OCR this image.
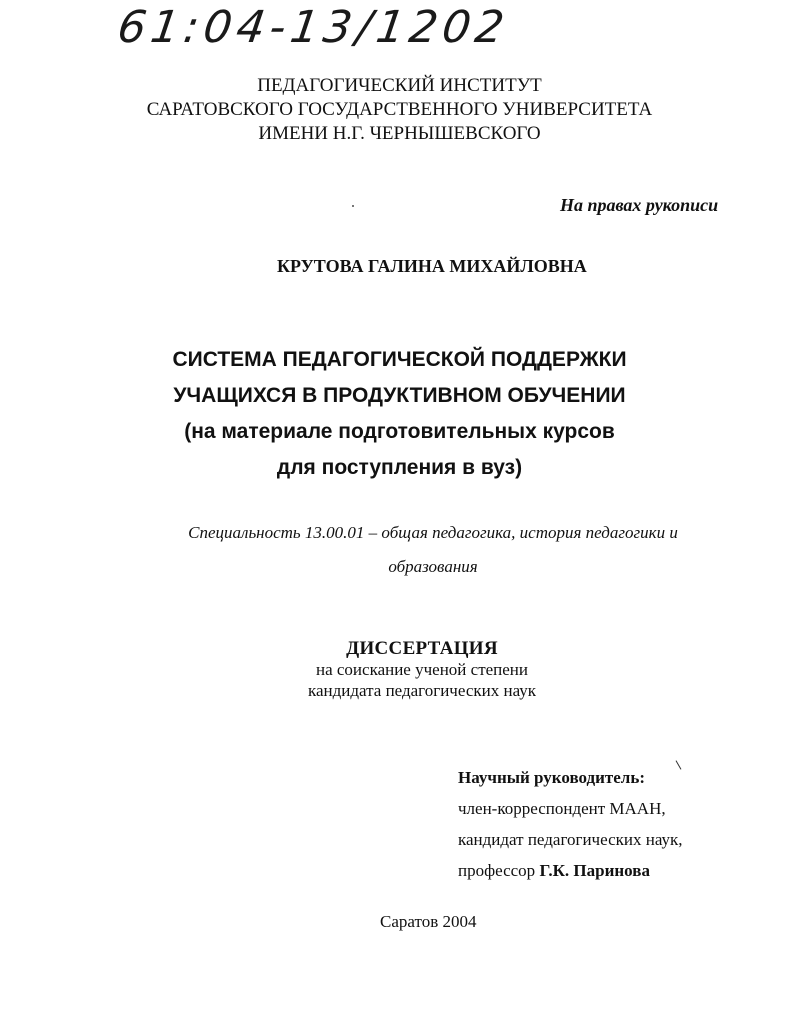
61:04-13/1202
ПЕДАГОГИЧЕСКИЙ ИНСТИТУТ
САРАТОВСКОГО ГОСУДАРСТВЕННОГО УНИВЕРСИТЕТА
ИМЕНИ Н.Г. ЧЕРНЫШЕВСКОГО
На правах рукописи
КРУТОВА ГАЛИНА МИХАЙЛОВНА
СИСТЕМА ПЕДАГОГИЧЕСКОЙ ПОДДЕРЖКИ
УЧАЩИХСЯ В ПРОДУКТИВНОМ ОБУЧЕНИИ
(на материале подготовительных курсов
для поступления в вуз)
Специальность 13.00.01 – общая педагогика, история педагогики и
образования
ДИССЕРТАЦИЯ
на соискание ученой степени
кандидата педагогических наук
Научный руководитель:
член-корреспондент МААН,
кандидат педагогических наук,
профессор Г.К. Паринова
Саратов 2004
